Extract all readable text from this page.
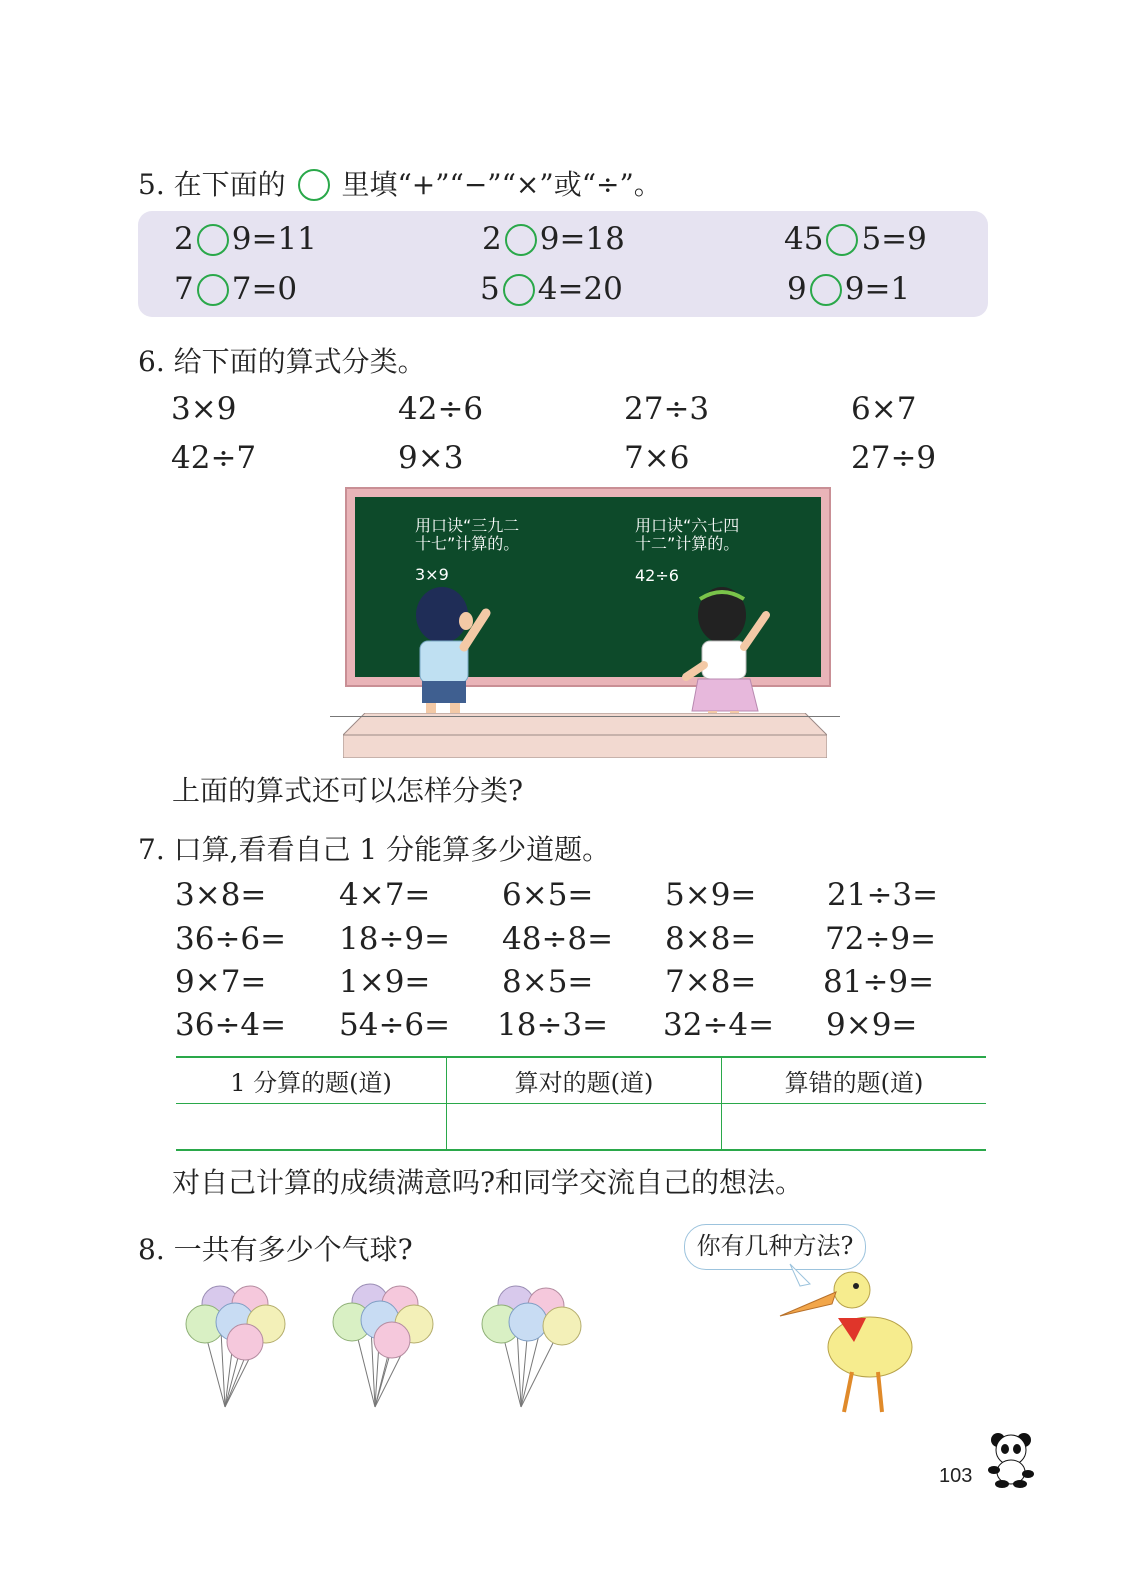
5. 在下面的 里填“+”“−”“×”或“÷”。
2 9=11	2 9=18	45 5=9
7 7=0	5 4=20	9 9=1
6. 给下面的算式分类。
3×9	42÷6	27÷3	6×7
42÷7	9×3	7×6	27÷9
用口诀“三九二
十七”计算的。
3×9
用口诀“六七四
十二”计算的。
42÷6
上面的算式还可以怎样分类?
7. 口算,看看自己 1 分能算多少道题。
3×8= 4×7= 6×5= 5×9= 21÷3=
36÷6= 18÷9= 48÷8= 8×8= 72÷9=
9×7= 1×9= 8×5= 7×8= 81÷9=
36÷4= 54÷6= 18÷3= 32÷4= 9×9=
1 分算的题(道)	算对的题(道)	算错的题(道)

对自己计算的成绩满意吗?和同学交流自己的想法。
8. 一共有多少个气球?	你有几种方法?
103
